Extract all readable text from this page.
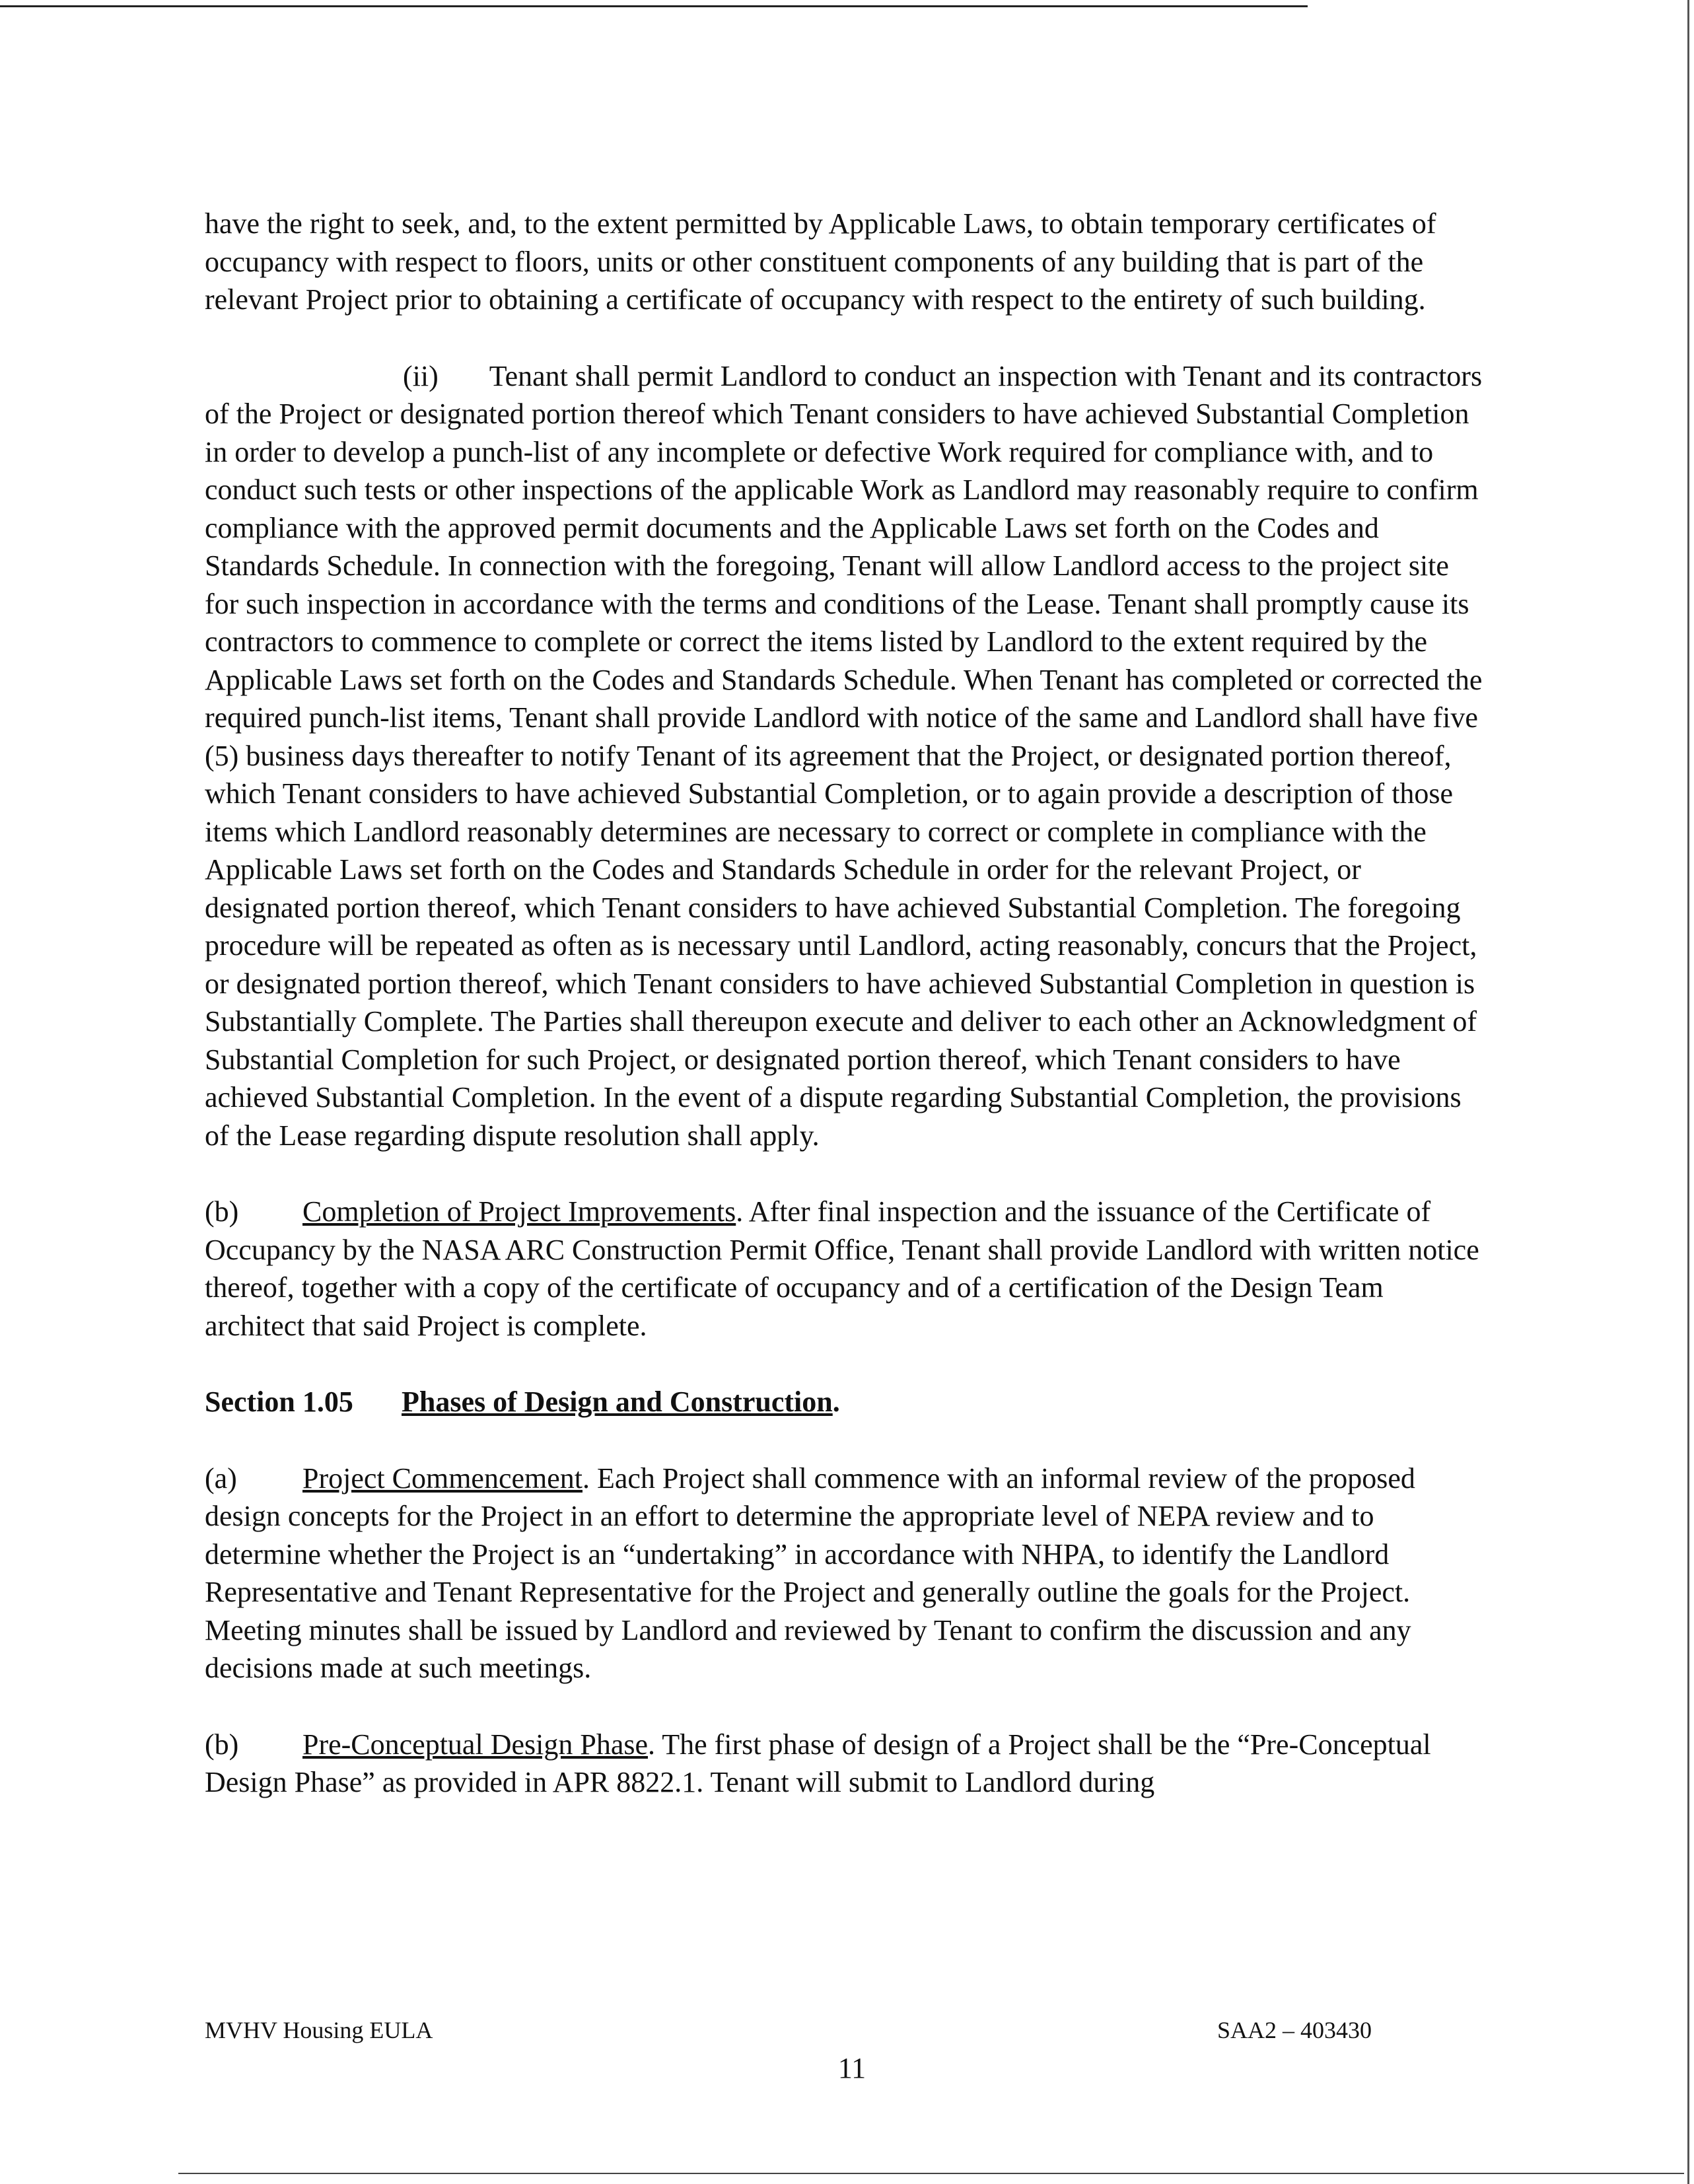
have the right to seek, and, to the extent permitted by Applicable Laws, to obtain temporary certificates of occupancy with respect to floors, units or other constituent components of any building that is part of the relevant Project prior to obtaining a certificate of occupancy with respect to the entirety of such building.

(ii) Tenant shall permit Landlord to conduct an inspection with Tenant and its contractors of the Project or designated portion thereof which Tenant considers to have achieved Substantial Completion in order to develop a punch-list of any incomplete or defective Work required for compliance with, and to conduct such tests or other inspections of the applicable Work as Landlord may reasonably require to confirm compliance with the approved permit documents and the Applicable Laws set forth on the Codes and Standards Schedule. In connection with the foregoing, Tenant will allow Landlord access to the project site for such inspection in accordance with the terms and conditions of the Lease. Tenant shall promptly cause its contractors to commence to complete or correct the items listed by Landlord to the extent required by the Applicable Laws set forth on the Codes and Standards Schedule. When Tenant has completed or corrected the required punch-list items, Tenant shall provide Landlord with notice of the same and Landlord shall have five (5) business days thereafter to notify Tenant of its agreement that the Project, or designated portion thereof, which Tenant considers to have achieved Substantial Completion, or to again provide a description of those items which Landlord reasonably determines are necessary to correct or complete in compliance with the Applicable Laws set forth on the Codes and Standards Schedule in order for the relevant Project, or designated portion thereof, which Tenant considers to have achieved Substantial Completion. The foregoing procedure will be repeated as often as is necessary until Landlord, acting reasonably, concurs that the Project, or designated portion thereof, which Tenant considers to have achieved Substantial Completion in question is Substantially Complete. The Parties shall thereupon execute and deliver to each other an Acknowledgment of Substantial Completion for such Project, or designated portion thereof, which Tenant considers to have achieved Substantial Completion. In the event of a dispute regarding Substantial Completion, the provisions of the Lease regarding dispute resolution shall apply.

(b) Completion of Project Improvements. After final inspection and the issuance of the Certificate of Occupancy by the NASA ARC Construction Permit Office, Tenant shall provide Landlord with written notice thereof, together with a copy of the certificate of occupancy and of a certification of the Design Team architect that said Project is complete.

Section 1.05 Phases of Design and Construction.

(a) Project Commencement. Each Project shall commence with an informal review of the proposed design concepts for the Project in an effort to determine the appropriate level of NEPA review and to determine whether the Project is an “undertaking” in accordance with NHPA, to identify the Landlord Representative and Tenant Representative for the Project and generally outline the goals for the Project. Meeting minutes shall be issued by Landlord and reviewed by Tenant to confirm the discussion and any decisions made at such meetings.

(b) Pre-Conceptual Design Phase. The first phase of design of a Project shall be the “Pre-Conceptual Design Phase” as provided in APR 8822.1. Tenant will submit to Landlord during

MVHV Housing EULA	SAA2 – 403430
11
